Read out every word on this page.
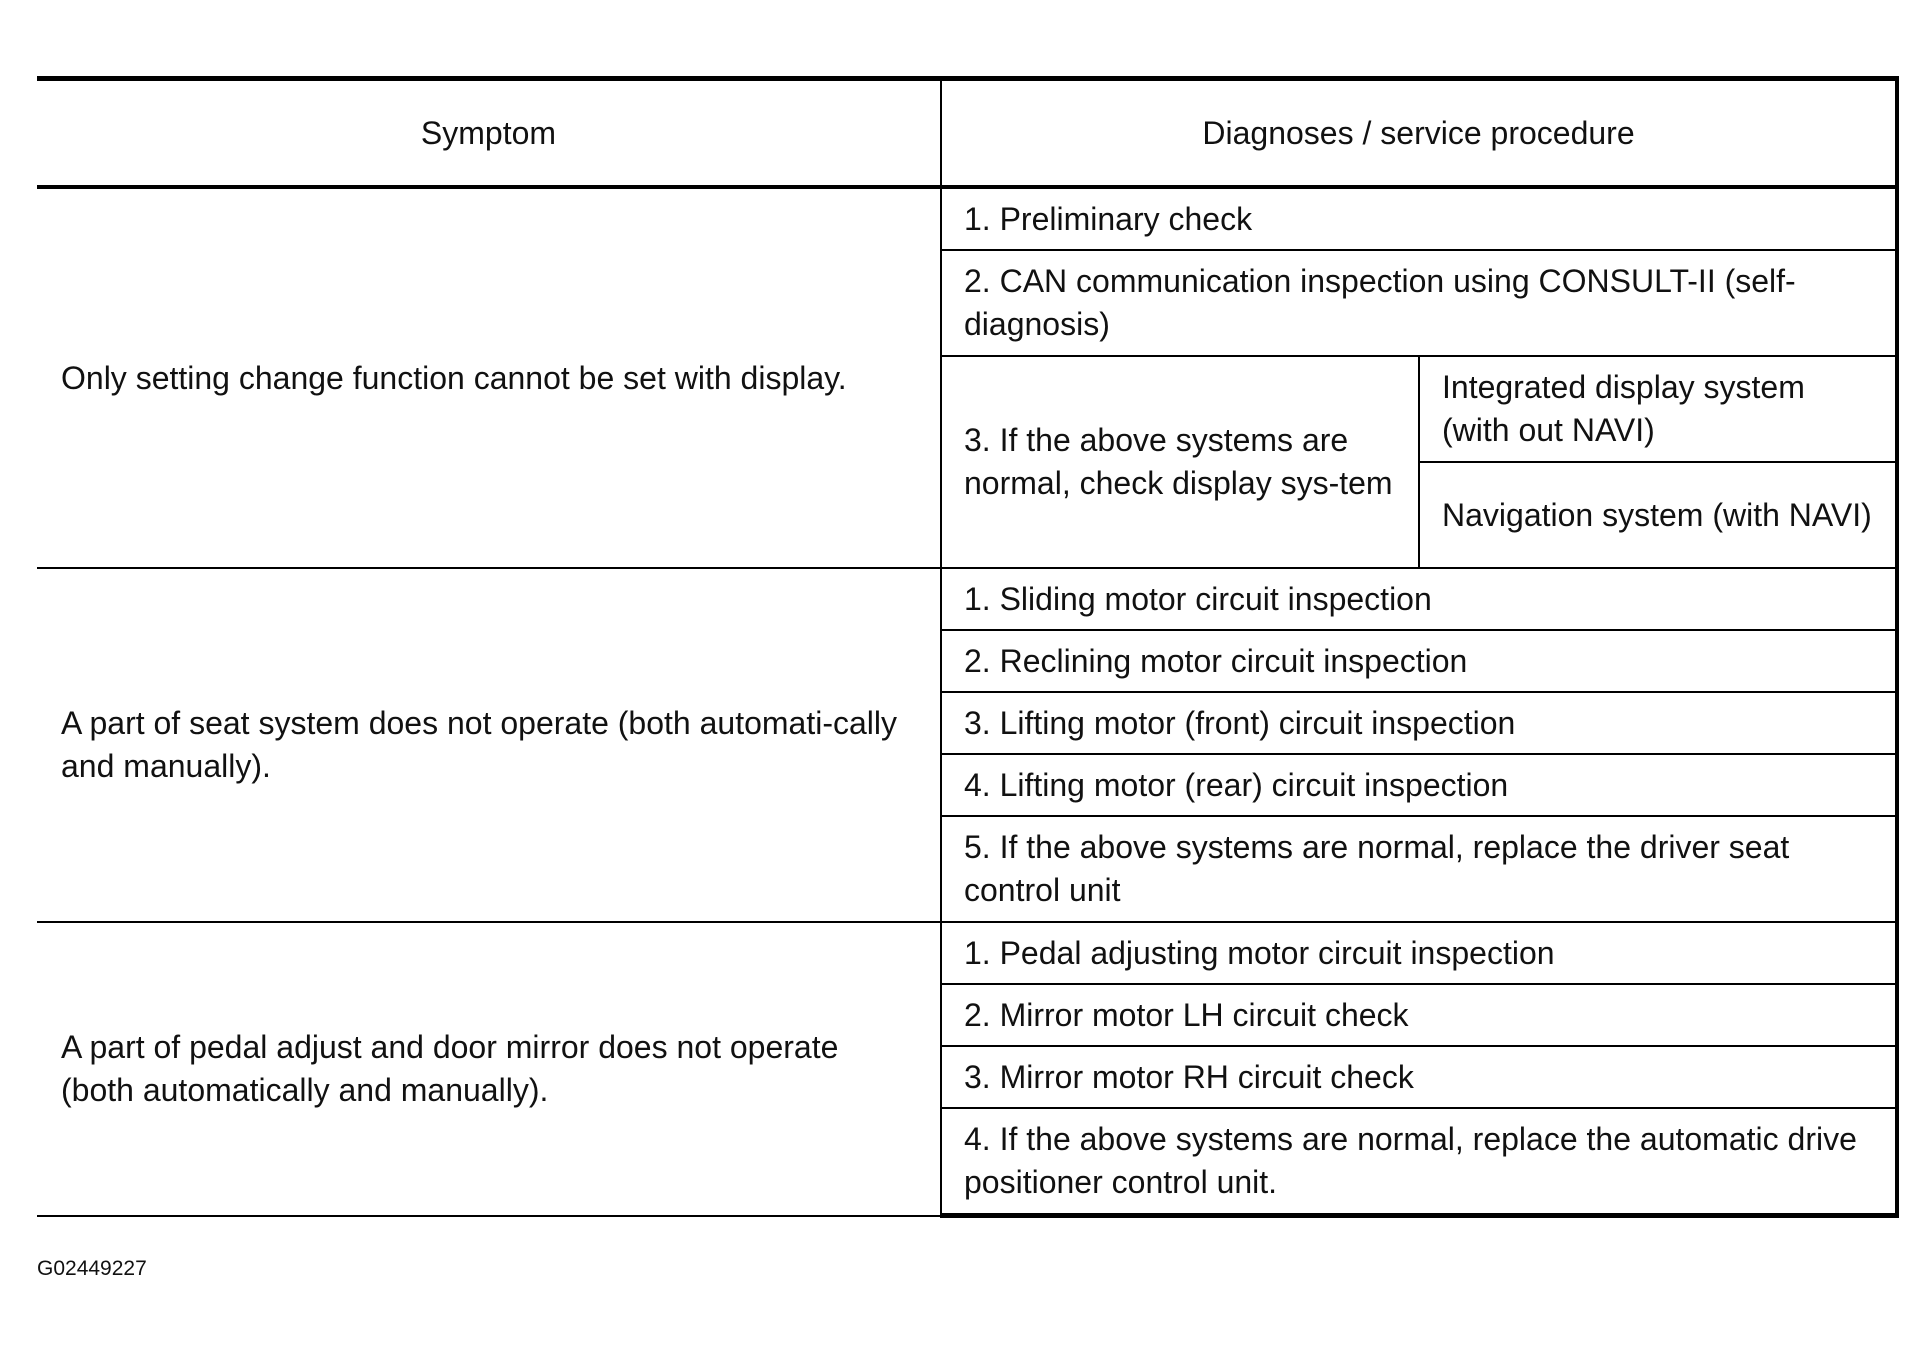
Symptom	Diagnoses / service procedure	
Only setting change function cannot be set with display.	1. Preliminary check	
	2. CAN communication inspection using CONSULT-II (self-diagnosis)	
	3. If the above systems are normal, check display sys-tem	Integrated display system (with out NAVI)
		Navigation system (with NAVI)
A part of seat system does not operate (both automati-cally and manually).	1. Sliding motor circuit inspection	
	2. Reclining motor circuit inspection	
	3. Lifting motor (front) circuit inspection	
	4. Lifting motor (rear) circuit inspection	
	5. If the above systems are normal, replace the driver seat control unit	
A part of pedal adjust and door mirror does not operate (both automatically and manually).	1. Pedal adjusting motor circuit inspection	
	2. Mirror motor LH circuit check	
	3. Mirror motor RH circuit check	
	4. If the above systems are normal, replace the automatic drive positioner control unit.	
G02449227
